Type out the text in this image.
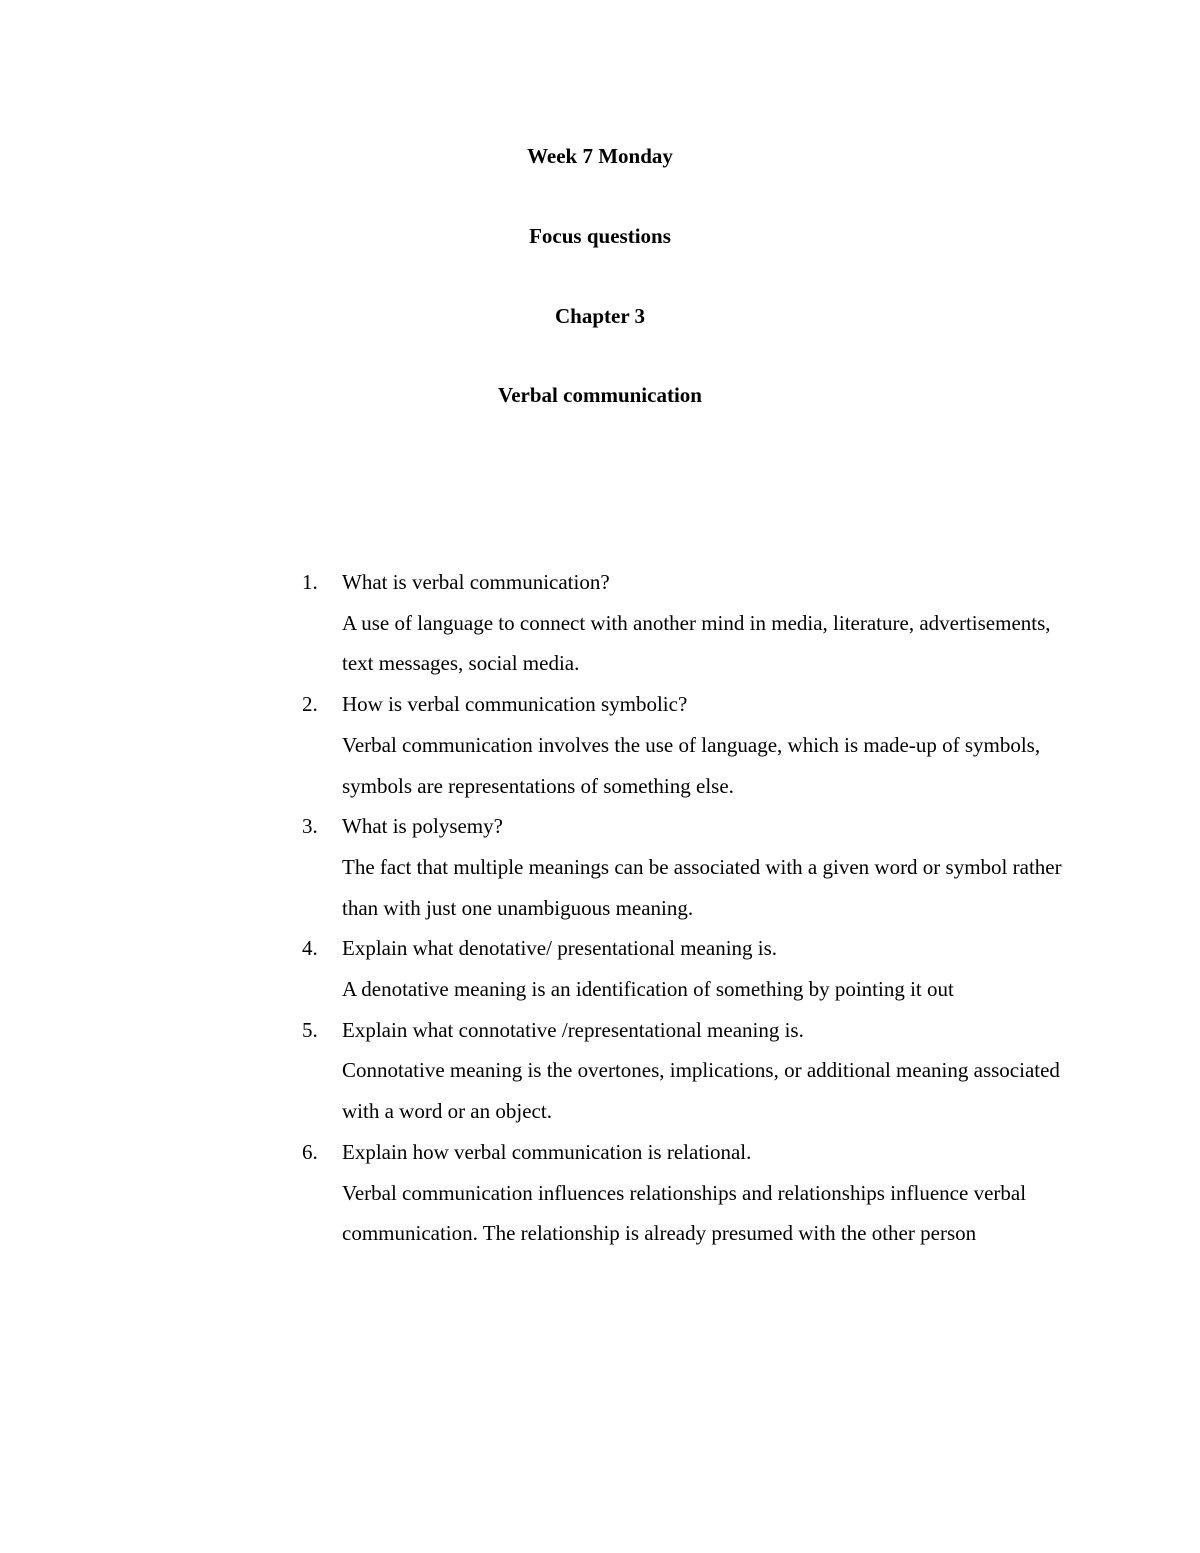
Week 7 Monday
Focus questions
Chapter 3
Verbal communication
1. What is verbal communication?
A use of language to connect with another mind in media, literature, advertisements, text messages, social media.
2. How is verbal communication symbolic?
Verbal communication involves the use of language, which is made-up of symbols, symbols are representations of something else.
3. What is polysemy?
The fact that multiple meanings can be associated with a given word or symbol rather than with just one unambiguous meaning.
4. Explain what denotative/ presentational meaning is.
A denotative meaning is an identification of something by pointing it out
5. Explain what connotative /representational meaning is.
Connotative meaning is the overtones, implications, or additional meaning associated with a word or an object.
6. Explain how verbal communication is relational.
Verbal communication influences relationships and relationships influence verbal communication. The relationship is already presumed with the other person
